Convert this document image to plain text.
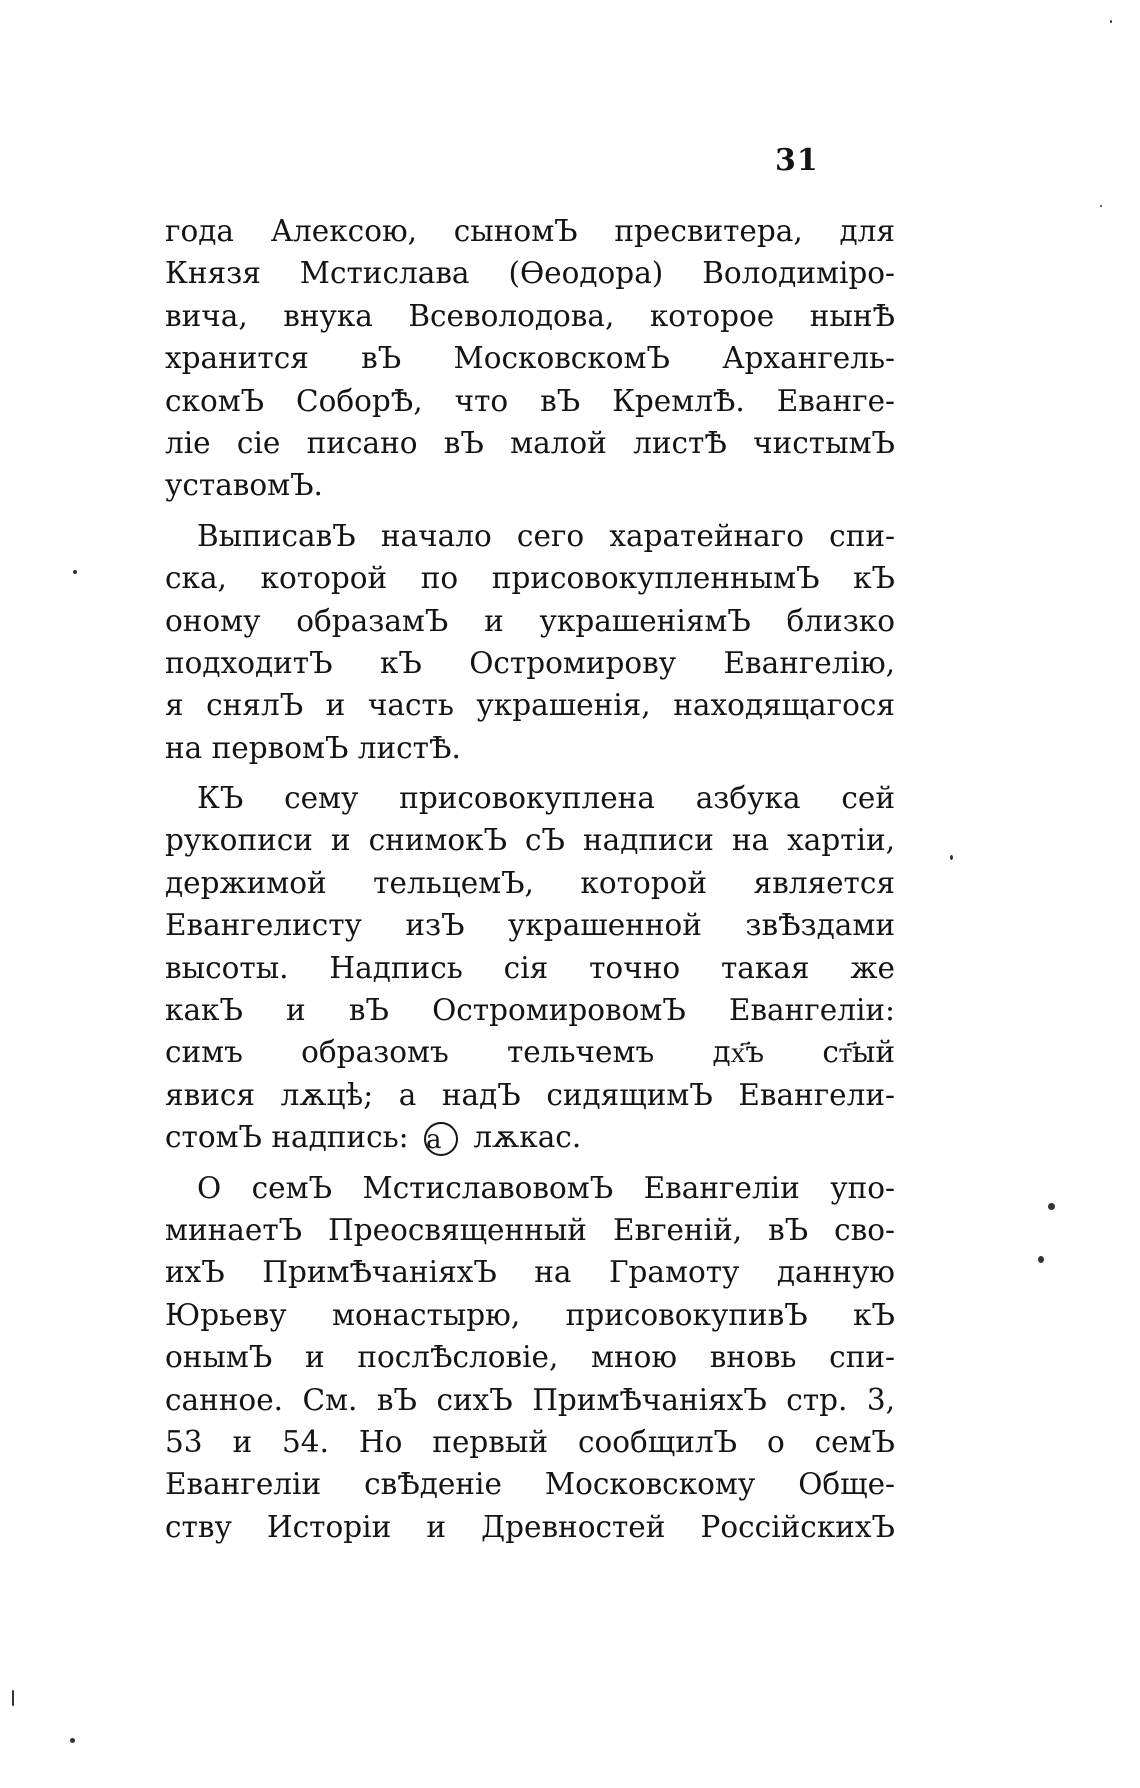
31
года Алексою, сыномЪ пресвитера, для
Князя Мстислава (Ѳеодора) Володиміро-
вича, внука Всеволодова, которое нынѢ
хранится вЪ МосковскомЪ Архангель-
скомЪ СоборѢ, что вЪ КремлѢ. Еванге-
ліе сіе писано вЪ малой листѢ чистымЪ
уставомЪ.
ВыписавЪ начало сего харатейнаго спи-
ска, которой по присовокупленнымЪ кЪ
оному образамЪ и украшеніямЪ близко
подходитЪ кЪ Остромирову Евангелію,
я снялЪ и часть украшенія, находящагося
на первомЪ листѢ.
КЪ сему присовокуплена азбука сей
рукописи и снимокЪ сЪ надписи на хартіи,
держимой тельцемЪ, которой является
Евангелисту изЪ украшенной звѢздами
высоты. Надпись сія точно такая же
какЪ и вЪ ОстромировомЪ Евангеліи:
симъ образомъ тельчемъ дх҃ъ ст҃ый
явися лѫцѣ; а надЪ сидящимЪ Евангели-
стомЪ надпись: а лѫкас.
О семЪ МстиславовомЪ Евангеліи упо-
минаетЪ Преосвященный Евгеній, вЪ сво-
ихЪ ПримѢчаніяхЪ на Грамоту данную
Юрьеву монастырю, присовокупивЪ кЪ
онымЪ и послѢсловіе, мною вновь спи-
санное. См. вЪ сихЪ ПримѢчаніяхЪ стр. 3,
53 и 54. Но первый сообщилЪ о семЪ
Евангеліи свѢденіе Московскому Обще-
ству Исторіи и Древностей РоссійскихЪ
